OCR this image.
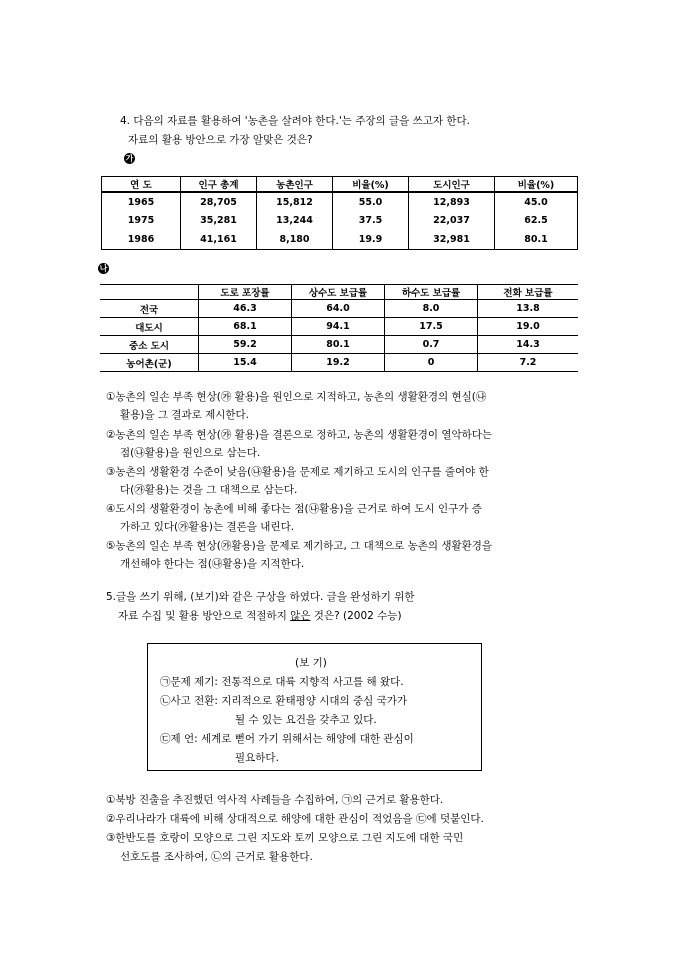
4. 다음의 자료를 활용하여 '농촌을 살려야 한다.'는 주장의 글을 쓰고자 한다.
자료의 활용 방안으로 가장 알맞은 것은?
가
연 도	인구 총계	농촌인구	비율(%)	도시인구	비율(%)
1965	28,705	15,812	55.0	12,893	45.0
1975	35,281	13,244	37.5	22,037	62.5
1986	41,161	8,180	19.9	32,981	80.1
나
	도로 포장률	상수도 보급률	하수도 보급률	전화 보급률
전국	46.3	64.0	8.0	13.8
대도시	68.1	94.1	17.5	19.0
중소 도시	59.2	80.1	0.7	14.3
농어촌(군)	15.4	19.2	0	7.2
①농촌의 일손 부족 현상(㉮ 활용)을 원인으로 지적하고, 농촌의 생활환경의 현실(㉯
활용)을 그 결과로 제시한다.
②농촌의 일손 부족 현상(㉮ 활용)을 결론으로 정하고, 농촌의 생활환경이 열악하다는
점(㉯활용)을 원인으로 삼는다.
③농촌의 생활환경 수준이 낮음(㉯활용)을 문제로 제기하고 도시의 인구를 줄여야 한
다(㉮활용)는 것을 그 대책으로 삼는다.
④도시의 생활환경이 농촌에 비해 좋다는 점(㉯활용)을 근거로 하여 도시 인구가 증
가하고 있다(㉮활용)는 결론을 내린다.
⑤농촌의 일손 부족 현상(㉮활용)을 문제로 제기하고, 그 대책으로 농촌의 생활환경을
개선해야 한다는 점(㉯활용)을 지적한다.
5.글을 쓰기 위해, (보기)와 같은 구상을 하였다. 글을 완성하기 위한
자료 수집 및 활용 방안으로 적절하지 않은 것은? (2002 수능)
(보 기)
㉠문제 제기: 전통적으로 대륙 지향적 사고를 해 왔다.
㉡사고 전환: 지리적으로 환태평양 시대의 중심 국가가
될 수 있는 요건을 갖추고 있다.
㉢제 언: 세계로 뻗어 가기 위해서는 해양에 대한 관심이
필요하다.
①북방 진출을 추진했던 역사적 사례들을 수집하여, ㉠의 근거로 활용한다.
②우리나라가 대륙에 비해 상대적으로 해양에 대한 관심이 적었음을 ㉢에 덧붙인다.
③한반도를 호랑이 모양으로 그린 지도와 토끼 모양으로 그린 지도에 대한 국민
선호도를 조사하여, ㉡의 근거로 활용한다.
